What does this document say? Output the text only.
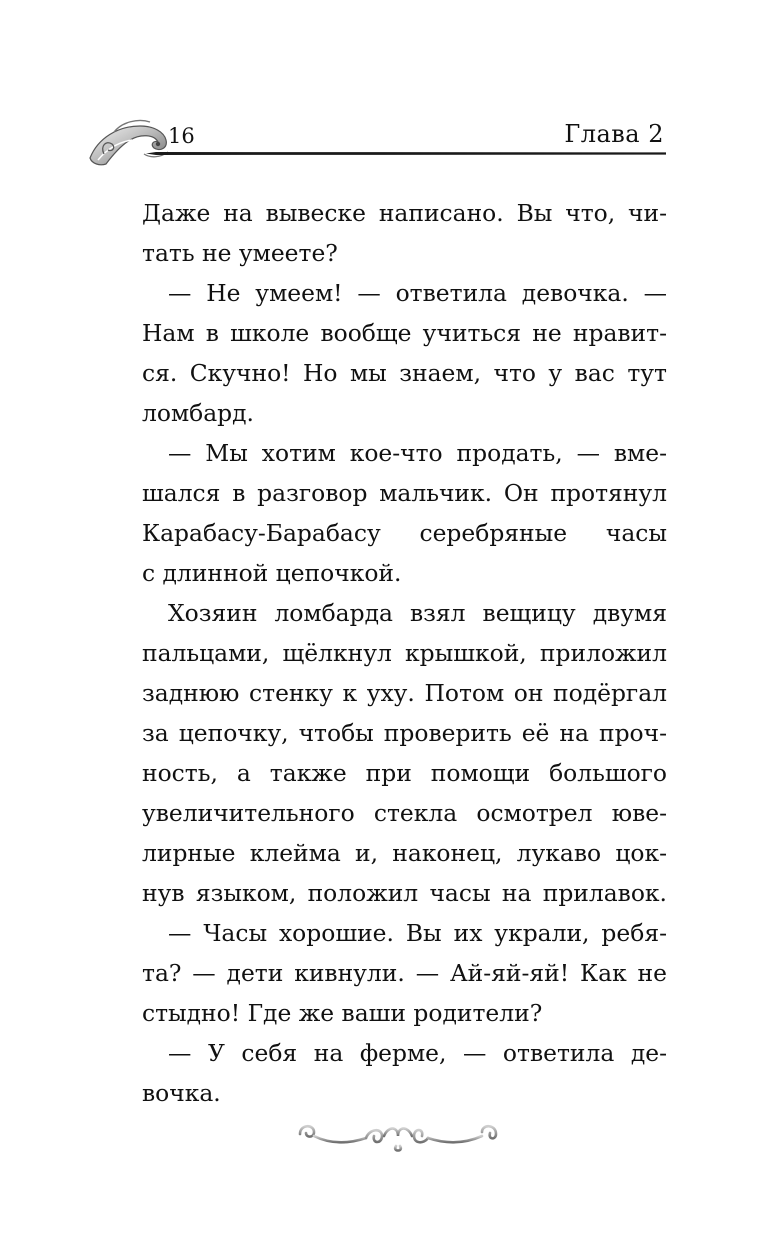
16	Глава 2
Даже на вывеске написано. Вы что, чи-
тать не умеете?
— Не умеем! — ответила девочка. —
Нам в школе вообще учиться не нравит-
ся. Скучно! Но мы знаем, что у вас тут
ломбард.
— Мы хотим кое-что продать, — вме-
шался в разговор мальчик. Он протянул
Карабасу-Барабасу серебряные часы
с длинной цепочкой.
Хозяин ломбарда взял вещицу двумя
пальцами, щёлкнул крышкой, приложил
заднюю стенку к уху. Потом он подёргал
за цепочку, чтобы проверить её на проч-
ность, а также при помощи большого
увеличительного стекла осмотрел юве-
лирные клейма и, наконец, лукаво цок-
нув языком, положил часы на прилавок.
— Часы хорошие. Вы их украли, ребя-
та? — дети кивнули. — Ай-яй-яй! Как не
стыдно! Где же ваши родители?
— У себя на ферме, — ответила де-
вочка.
